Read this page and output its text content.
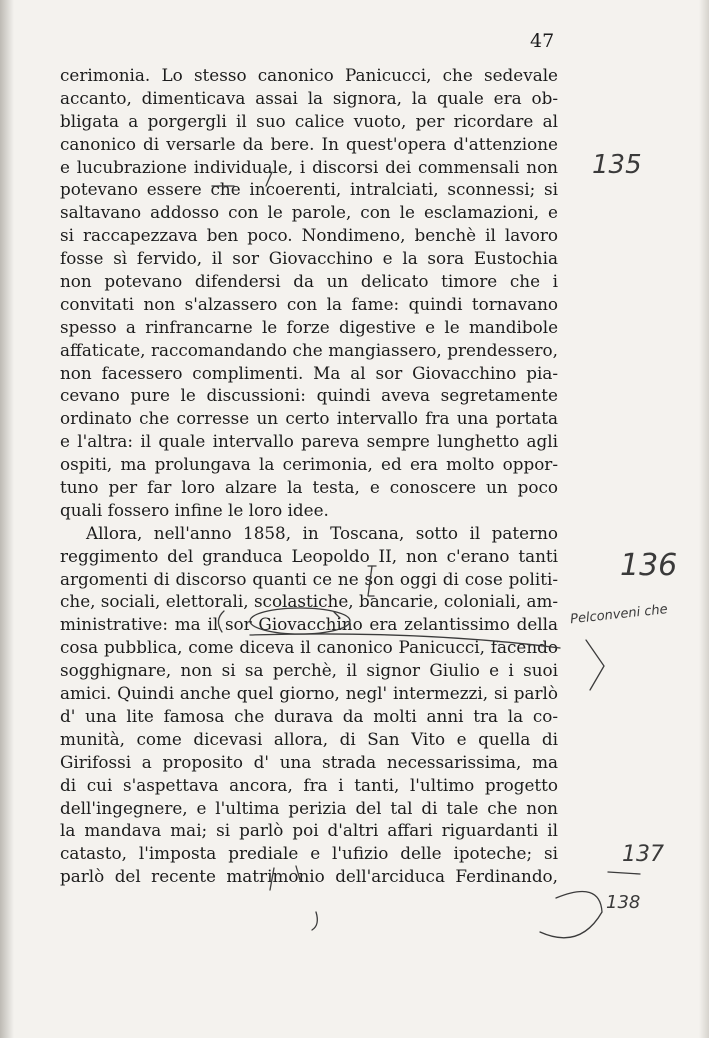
47
cerimonia. Lo stesso canonico Panicucci, che sedevale
accanto, dimenticava assai la signora, la quale era ob-
bligata a porgergli il suo calice vuoto, per ricordare al
canonico di versarle da bere. In quest'opera d'attenzione
e lucubrazione individuale, i discorsi dei commensali non
potevano essere che incoerenti, intralciati, sconnessi; si
saltavano addosso con le parole, con le esclamazioni, e
si raccapezzava ben poco. Nondimeno, benchè il lavoro
fosse sì fervido, il sor Giovacchino e la sora Eustochia
non potevano difendersi da un delicato timore che i
convitati non s'alzassero con la fame: quindi tornavano
spesso a rinfrancarne le forze digestive e le mandibole
affaticate, raccomandando che mangiassero, prendessero,
non facessero complimenti. Ma al sor Giovacchino pia-
cevano pure le discussioni: quindi aveva segretamente
ordinato che corresse un certo intervallo fra una portata
e l'altra: il quale intervallo pareva sempre lunghetto agli
ospiti, ma prolungava la cerimonia, ed era molto oppor-
tuno per far loro alzare la testa, e conoscere un poco
quali fossero infine le loro idee.
Allora, nell'anno 1858, in Toscana, sotto il paterno
reggimento del granduca Leopoldo II, non c'erano tanti
argomenti di discorso quanti ce ne son oggi di cose politi-
che, sociali, elettorali, scolastiche, bancarie, coloniali, am-
ministrative: ma il sor Giovacchino era zelantissimo della
cosa pubblica, come diceva il canonico Panicucci, facendo
sogghignare, non si sa perchè, il signor Giulio e i suoi
amici. Quindi anche quel giorno, negl' intermezzi, si parlò
d' una lite famosa che durava da molti anni tra la co-
munità, come dicevasi allora, di San Vito e quella di
Girifossi a proposito d' una strada necessarissima, ma
di cui s'aspettava ancora, fra i tanti, l'ultimo progetto
dell'ingegnere, e l'ultima perizia del tal di tale che non
la mandava mai; si parlò poi d'altri affari riguardanti il
catasto, l'imposta prediale e l'ufizio delle ipoteche; si
parlò del recente matrimonio dell'arciduca Ferdinando,
135
136
Pelconveni che
137
138
